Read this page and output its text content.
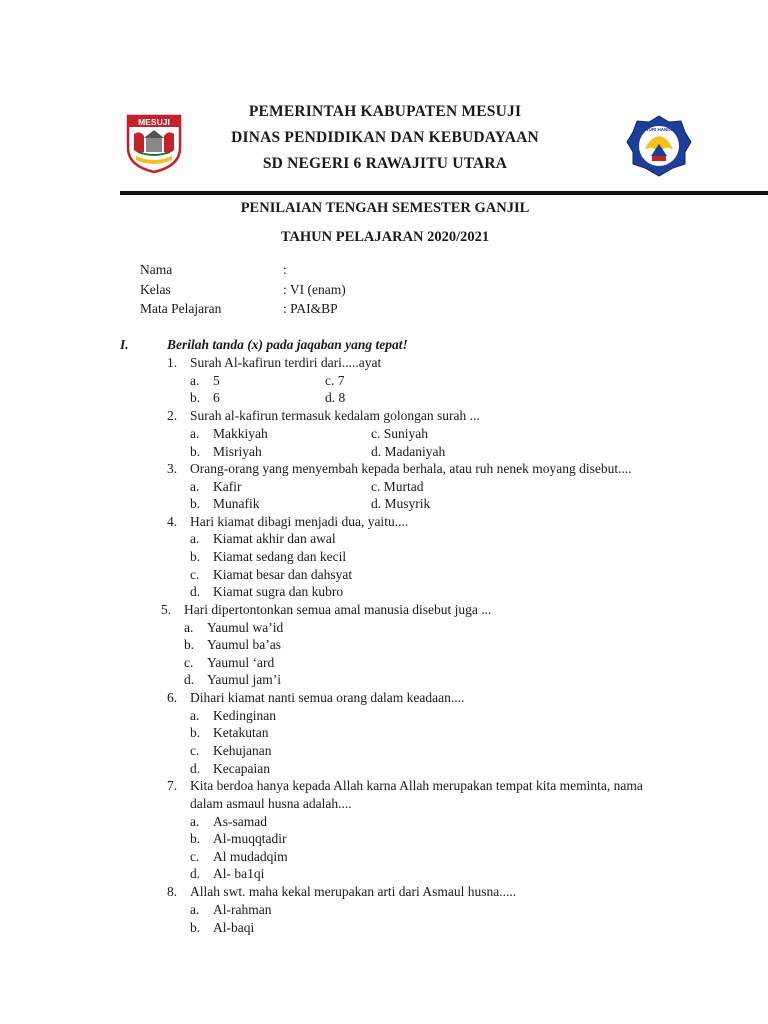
MESUJI
TUT WURI HANDAYANI
PEMERINTAH KABUPATEN MESUJI
DINAS PENDIDIKAN DAN KEBUDAYAAN
SD NEGERI 6 RAWAJITU UTARA
PENILAIAN TENGAH SEMESTER GANJIL
TAHUN PELAJARAN 2020/2021
Nama	:
Kelas	: VI (enam)
Mata Pelajaran	: PAI&BP
I.	Berilah tanda (x) pada jaqaban yang tepat!
1. Surah Al-kafirun terdiri dari.....ayat
a. 5	c. 7
b. 6	d. 8
2. Surah al-kafirun termasuk kedalam golongan surah ...
a. Makkiyah	c. Suniyah
b. Misriyah	d. Madaniyah
3. Orang-orang yang menyembah kepada berhala, atau ruh nenek moyang disebut....
a. Kafir	c. Murtad
b. Munafik	d. Musyrik
4. Hari kiamat dibagi menjadi dua, yaitu....
a. Kiamat akhir dan awal
b. Kiamat sedang dan kecil
c. Kiamat besar dan dahsyat
d. Kiamat sugra dan kubro
5. Hari dipertontonkan semua amal manusia disebut juga ...
a. Yaumul wa’id
b. Yaumul ba’as
c. Yaumul ‘ard
d. Yaumul jam’i
6. Dihari kiamat nanti semua orang dalam keadaan....
a. Kedinginan
b. Ketakutan
c. Kehujanan
d. Kecapaian
7. Kita berdoa hanya kepada Allah karna Allah merupakan tempat kita meminta, nama
dalam asmaul husna adalah....
a. As-samad
b. Al-muqqtadir
c. Al mudadqim
d. Al- ba1qi
8. Allah swt. maha kekal merupakan arti dari Asmaul husna.....
a. Al-rahman
b. Al-baqi
